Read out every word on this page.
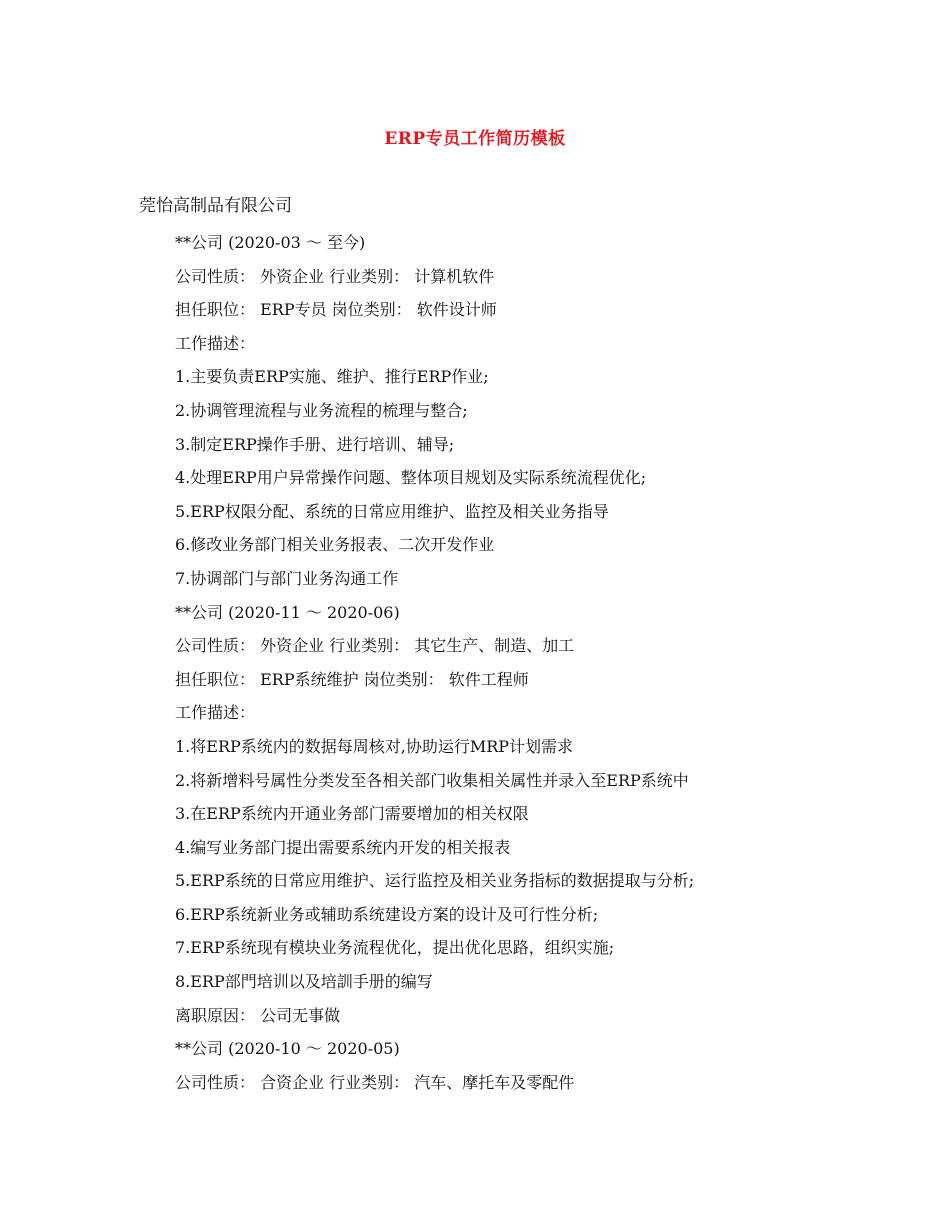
ERP专员工作简历模板
莞怡高制品有限公司
**公司 (2020-03 ～ 至今)
公司性质： 外资企业 行业类别： 计算机软件
担任职位： ERP专员 岗位类别： 软件设计师
工作描述：
1.主要负责ERP实施、维护、推行ERP作业;
2.协调管理流程与业务流程的梳理与整合;
3.制定ERP操作手册、进行培训、辅导;
4.处理ERP用户异常操作问题、整体项目规划及实际系统流程优化;
5.ERP权限分配、系统的日常应用维护、监控及相关业务指导
6.修改业务部门相关业务报表、二次开发作业
7.协调部门与部门业务沟通工作
**公司 (2020-11 ～ 2020-06)
公司性质： 外资企业 行业类别： 其它生产、制造、加工
担任职位： ERP系统维护 岗位类别： 软件工程师
工作描述：
1.将ERP系统内的数据每周核对,协助运行MRP计划需求
2.将新增料号属性分类发至各相关部门收集相关属性并录入至ERP系统中
3.在ERP系统内开通业务部门需要增加的相关权限
4.编写业务部门提出需要系统内开发的相关报表
5.ERP系统的日常应用维护、运行监控及相关业务指标的数据提取与分析;
6.ERP系统新业务或辅助系统建设方案的设计及可行性分析;
7.ERP系统现有模块业务流程优化，提出优化思路，组织实施;
8.ERP部門培训以及培訓手册的编写
离职原因： 公司无事做
**公司 (2020-10 ～ 2020-05)
公司性质： 合资企业 行业类别： 汽车、摩托车及零配件
